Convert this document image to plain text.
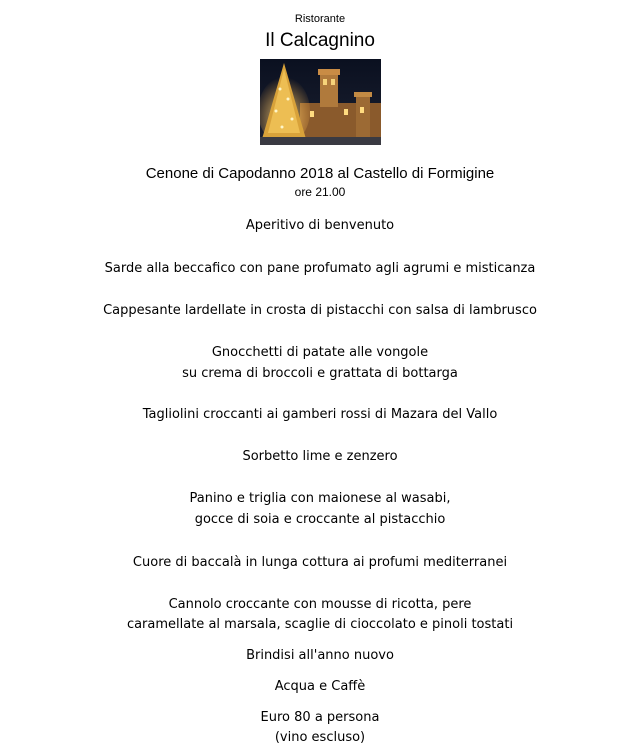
Ristorante

Il Calcagnino

Cenone di Capodanno 2018 al Castello di Formigine

ore 21.00

Aperitivo di benvenuto

Sarde alla beccafico con pane profumato agli agrumi e misticanza

Cappesante lardellate in crosta di pistacchi con salsa di lambrusco

Gnocchetti di patate alle vongole

su crema di broccoli e grattata di bottarga

Tagliolini croccanti ai gamberi rossi di Mazara del Vallo

Sorbetto lime e zenzero

Panino e triglia con maionese al wasabi,

gocce di soia e croccante al pistacchio

Cuore di baccalà in lunga cottura ai profumi mediterranei

Cannolo croccante con mousse di ricotta, pere

caramellate al marsala, scaglie di cioccolato e pinoli tostati

Brindisi all'anno nuovo

Acqua e Caffè

Euro 80 a persona

(vino escluso)
